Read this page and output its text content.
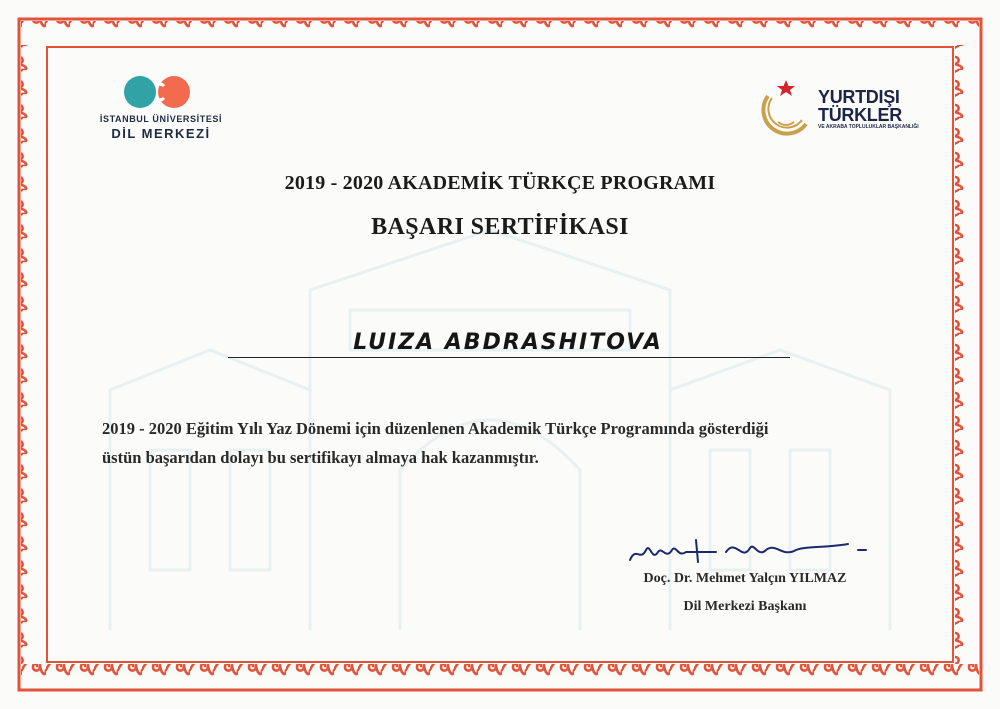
İSTANBUL ÜNİVERSİTESİ
DİL MERKEZİ
YURTDIŞI
TÜRKLER
VE AKRABA TOPLULUKLAR BAŞKANLIĞI
2019 - 2020 AKADEMİK TÜRKÇE PROGRAMI
BAŞARI SERTİFİKASI
LUIZA ABDRASHITOVA
2019 - 2020 Eğitim Yılı Yaz Dönemi için düzenlenen Akademik Türkçe Programında gösterdiği
üstün başarıdan dolayı bu sertifikayı almaya hak kazanmıştır.
Doç. Dr. Mehmet Yalçın YILMAZ
Dil Merkezi Başkanı
